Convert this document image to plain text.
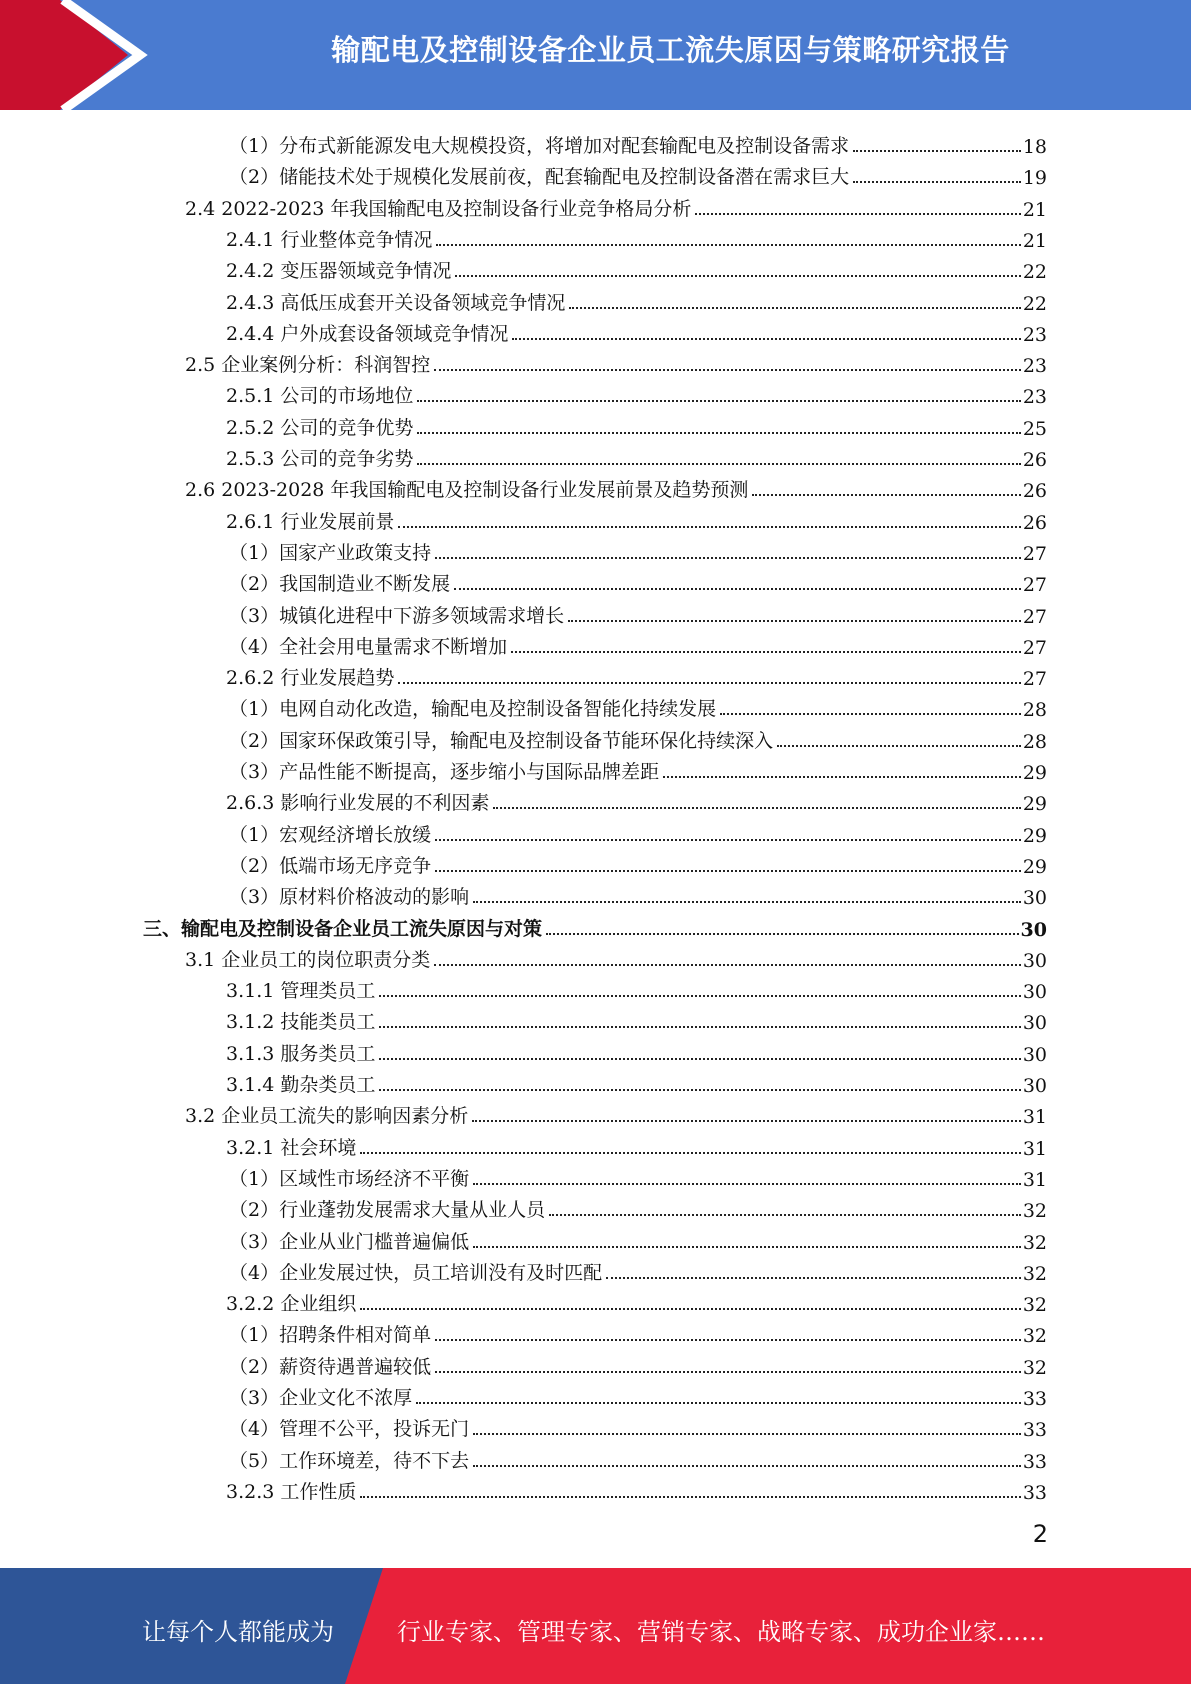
输配电及控制设备企业员工流失原因与策略研究报告
（1）分布式新能源发电大规模投资，将增加对配套输配电及控制设备需求	18
（2）储能技术处于规模化发展前夜，配套输配电及控制设备潜在需求巨大	19
2.4 2022-2023 年我国输配电及控制设备行业竞争格局分析	21
2.4.1 行业整体竞争情况	21
2.4.2 变压器领域竞争情况	22
2.4.3 高低压成套开关设备领域竞争情况	22
2.4.4 户外成套设备领域竞争情况	23
2.5 企业案例分析：科润智控	23
2.5.1 公司的市场地位	23
2.5.2 公司的竞争优势	25
2.5.3 公司的竞争劣势	26
2.6 2023-2028 年我国输配电及控制设备行业发展前景及趋势预测	26
2.6.1 行业发展前景	26
（1）国家产业政策支持	27
（2）我国制造业不断发展	27
（3）城镇化进程中下游多领域需求增长	27
（4）全社会用电量需求不断增加	27
2.6.2 行业发展趋势	27
（1）电网自动化改造，输配电及控制设备智能化持续发展	28
（2）国家环保政策引导，输配电及控制设备节能环保化持续深入	28
（3）产品性能不断提高，逐步缩小与国际品牌差距	29
2.6.3 影响行业发展的不利因素	29
（1）宏观经济增长放缓	29
（2）低端市场无序竞争	29
（3）原材料价格波动的影响	30
三、输配电及控制设备企业员工流失原因与对策	30
3.1 企业员工的岗位职责分类	30
3.1.1 管理类员工	30
3.1.2 技能类员工	30
3.1.3 服务类员工	30
3.1.4 勤杂类员工	30
3.2 企业员工流失的影响因素分析	31
3.2.1 社会环境	31
（1）区域性市场经济不平衡	31
（2）行业蓬勃发展需求大量从业人员	32
（3）企业从业门槛普遍偏低	32
（4）企业发展过快，员工培训没有及时匹配	32
3.2.2 企业组织	32
（1）招聘条件相对简单	32
（2）薪资待遇普遍较低	32
（3）企业文化不浓厚	33
（4）管理不公平，投诉无门	33
（5）工作环境差，待不下去	33
3.2.3 工作性质	33
2
让每个人都能成为	行业专家、管理专家、营销专家、战略专家、成功企业家……
